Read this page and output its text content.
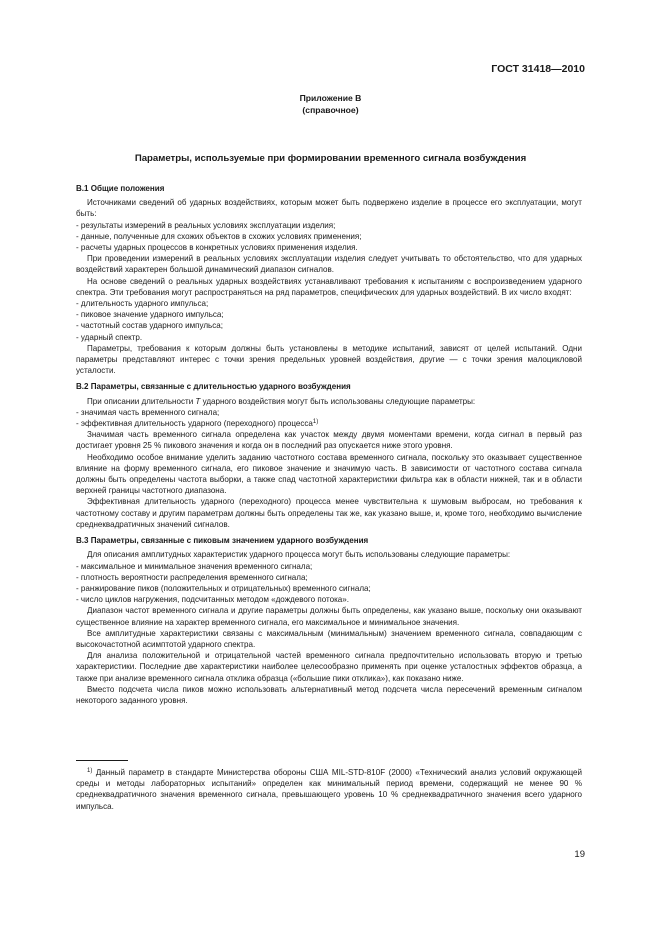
ГОСТ 31418—2010
Приложение В
(справочное)
Параметры, используемые при формировании временного сигнала возбуждения
В.1 Общие положения

Источниками сведений об ударных воздействиях, которым может быть подвержено изделие в процессе его эксплуатации, могут быть:

- результаты измерений в реальных условиях эксплуатации изделия;

- данные, полученные для схожих объектов в схожих условиях применения;

- расчеты ударных процессов в конкретных условиях применения изделия.

При проведении измерений в реальных условиях эксплуатации изделия следует учитывать то обстоятельство, что для ударных воздействий характерен большой динамический диапазон сигналов.

На основе сведений о реальных ударных воздействиях устанавливают требования к испытаниям с воспроизведением ударного спектра. Эти требования могут распространяться на ряд параметров, специфических для ударных воздействий. В их число входят:

- длительность ударного импульса;

- пиковое значение ударного импульса;

- частотный состав ударного импульса;

- ударный спектр.

Параметры, требования к которым должны быть установлены в методике испытаний, зависят от целей испытаний. Одни параметры представляют интерес с точки зрения предельных уровней воздействия, другие — с точки зрения малоцикловой усталости.

В.2 Параметры, связанные с длительностью ударного возбуждения

При описании длительности T ударного воздействия могут быть использованы следующие параметры:

- значимая часть временного сигнала;

- эффективная длительность ударного (переходного) процесса$^{1)}$

Значимая часть временного сигнала определена как участок между двумя моментами времени, когда сигнал в первый раз достигает уровня 25 % пикового значения и когда он в последний раз опускается ниже этого уровня.

Необходимо особое внимание уделить заданию частотного состава временного сигнала, поскольку это оказывает существенное влияние на форму временного сигнала, его пиковое значение и значимую часть. В зависимости от частотного состава сигнала должны быть определены частота выборки, а также спад частотной характеристики фильтра как в области нижней, так и в области верхней границы частотного диапазона.

Эффективная длительность ударного (переходного) процесса менее чувствительна к шумовым выбросам, но требования к частотному составу и другим параметрам должны быть определены так же, как указано выше, и, кроме того, необходимо вычисление среднеквадратичных значений сигналов.

В.3 Параметры, связанные с пиковым значением ударного возбуждения

Для описания амплитудных характеристик ударного процесса могут быть использованы следующие параметры:

- максимальное и минимальное значения временного сигнала;

- плотность вероятности распределения временного сигнала;

- ранжирование пиков (положительных и отрицательных) временного сигнала;

- число циклов нагружения, подсчитанных методом «дождевого потока».

Диапазон частот временного сигнала и другие параметры должны быть определены, как указано выше, поскольку они оказывают существенное влияние на характер временного сигнала, его максимальное и минимальное значения.

Все амплитудные характеристики связаны с максимальным (минимальным) значением временного сигнала, совпадающим с высокочастотной асимптотой ударного спектра.

Для анализа положительной и отрицательной частей временного сигнала предпочтительно использовать вторую и третью характеристики. Последние две характеристики наиболее целесообразно применять при оценке усталостных эффектов образца, а также при анализе временного сигнала отклика образца («большие пики отклика»), как показано ниже.

Вместо подсчета числа пиков можно использовать альтернативный метод подсчета числа пересечений временным сигналом некоторого заданного уровня.

$^{1)}$ Данный параметр в стандарте Министерства обороны США MIL-STD-810F (2000) «Технический анализ условий окружающей среды и методы лабораторных испытаний» определен как минимальный период времени, содержащий не менее 90 % среднеквадратичного значения временного сигнала, превышающего уровень 10 % среднеквадратичного значения всего ударного импульса.
19
